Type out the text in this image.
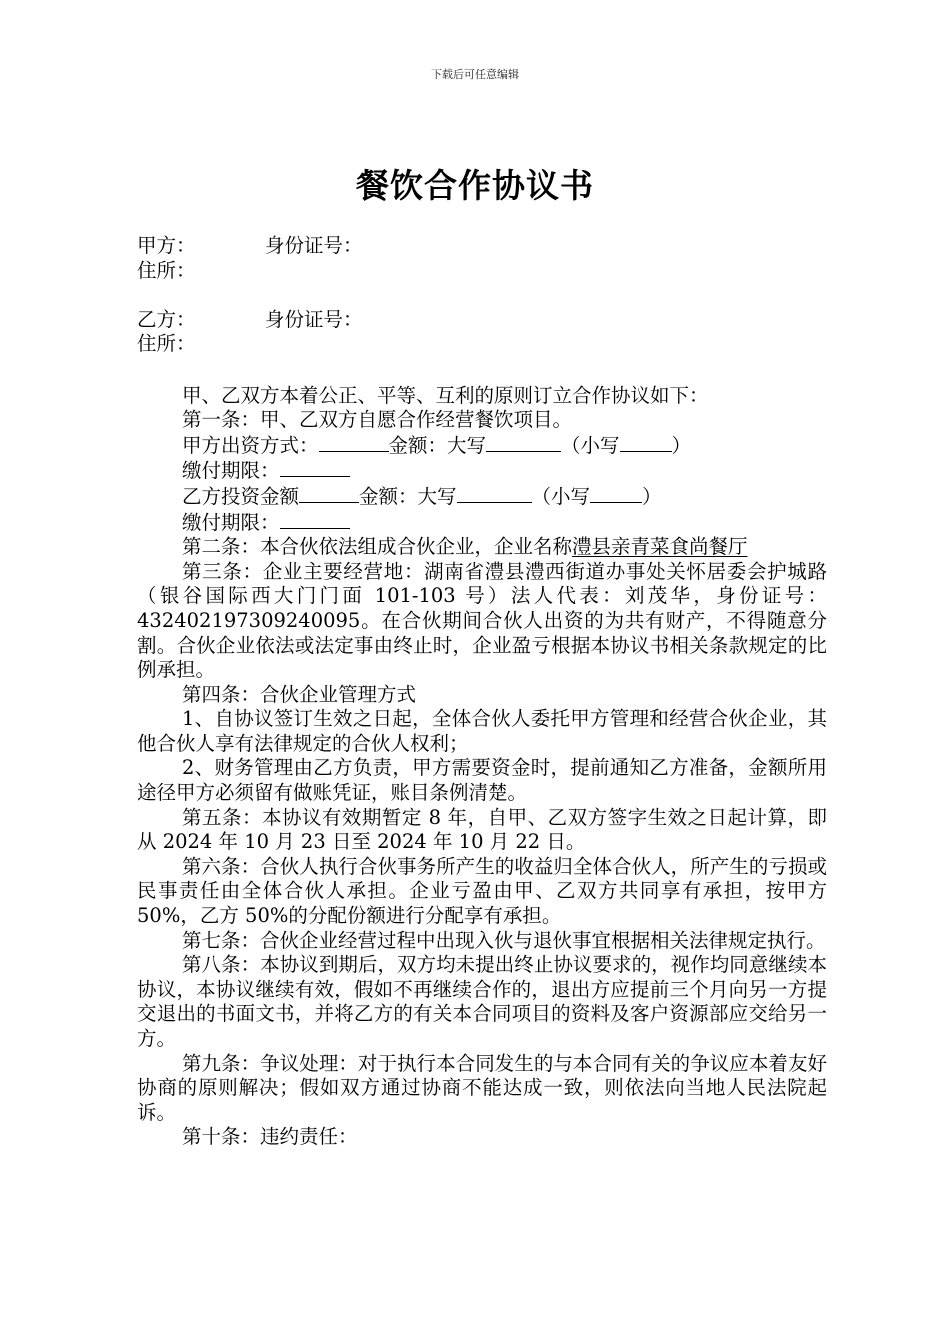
下载后可任意编辑
餐饮合作协议书
甲方：	身份证号：
住所：
乙方：	身份证号：
住所：
甲、乙双方本着公正、平等、互利的原则订立合作协议如下：
第一条：甲、乙双方自愿合作经营餐饮项目。
甲方出资方式：	金额：大写	（小写	）
缴付期限：
乙方投资金额	金额：大写	（小写	）
缴付期限：
第二条：本合伙依法组成合伙企业，企业名称澧县亲青菜食尚餐厅
第三条：企业主要经营地：湖南省澧县澧西街道办事处关怀居委会护城路（银谷国际西大门门面 101-103 号）法人代表：刘茂华，身份证号：432402197309240095。在合伙期间合伙人出资的为共有财产，不得随意分割。合伙企业依法或法定事由终止时，企业盈亏根据本协议书相关条款规定的比例承担。
第四条：合伙企业管理方式
1、自协议签订生效之日起，全体合伙人委托甲方管理和经营合伙企业，其他合伙人享有法律规定的合伙人权利；
2、财务管理由乙方负责，甲方需要资金时，提前通知乙方准备，金额所用途径甲方必须留有做账凭证，账目条例清楚。
第五条：本协议有效期暂定 8 年，自甲、乙双方签字生效之日起计算，即从 2024 年 10 月 23 日至 2024 年 10 月 22 日。
第六条：合伙人执行合伙事务所产生的收益归全体合伙人，所产生的亏损或民事责任由全体合伙人承担。企业亏盈由甲、乙双方共同享有承担，按甲方 50%，乙方 50%的分配份额进行分配享有承担。
第七条：合伙企业经营过程中出现入伙与退伙事宜根据相关法律规定执行。
第八条：本协议到期后，双方均未提出终止协议要求的，视作均同意继续本协议，本协议继续有效，假如不再继续合作的，退出方应提前三个月向另一方提交退出的书面文书，并将乙方的有关本合同项目的资料及客户资源部应交给另一方。
第九条：争议处理：对于执行本合同发生的与本合同有关的争议应本着友好协商的原则解决；假如双方通过协商不能达成一致，则依法向当地人民法院起诉。
第十条：违约责任：
